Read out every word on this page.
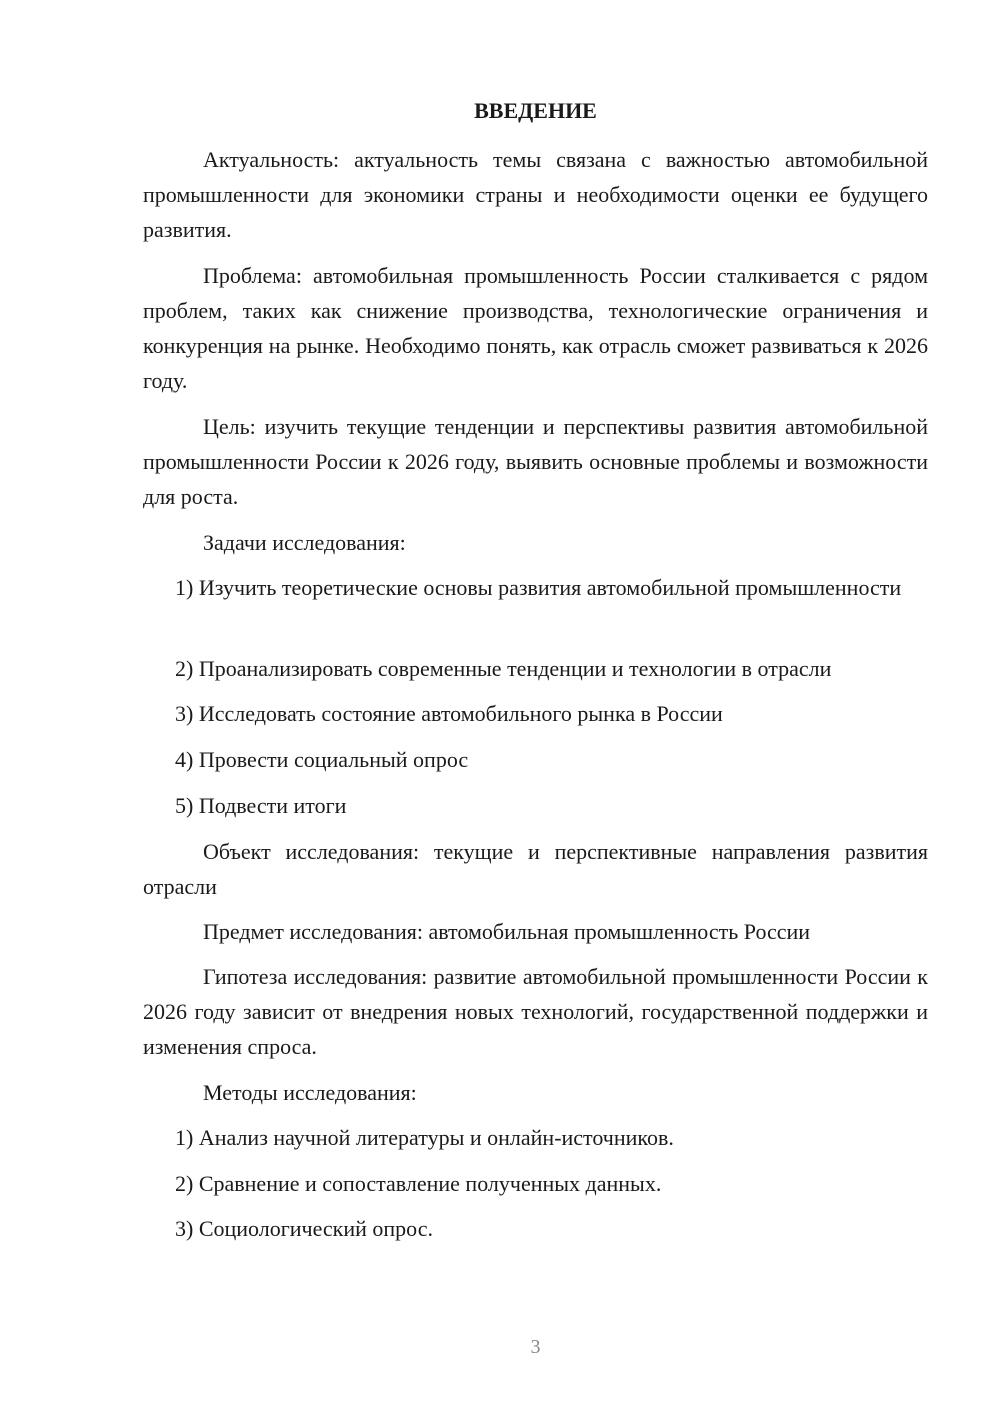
ВВЕДЕНИЕ

Актуальность: актуальность темы связана с важностью автомобильной промышленности для экономики страны и необходимости оценки ее будущего развития.

Проблема: автомобильная промышленность России сталкивается с рядом проблем, таких как снижение производства, технологические ограничения и конкуренция на рынке. Необходимо понять, как отрасль сможет развиваться к 2026 году.

Цель: изучить текущие тенденции и перспективы развития автомобильной промышленности России к 2026 году, выявить основные проблемы и возможности для роста.

Задачи исследования:

1) Изучить теоретические основы развития автомобильной промышленности

2) Проанализировать современные тенденции и технологии в отрасли

3) Исследовать состояние автомобильного рынка в России

4) Провести социальный опрос

5) Подвести итоги

Объект исследования: текущие и перспективные направления развития отрасли

Предмет исследования: автомобильная промышленность России

Гипотеза исследования: развитие автомобильной промышленности России к 2026 году зависит от внедрения новых технологий, государственной поддержки и изменения спроса.

Методы исследования:

1) Анализ научной литературы и онлайн-источников.

2) Сравнение и сопоставление полученных данных.

3) Социологический опрос.

3
